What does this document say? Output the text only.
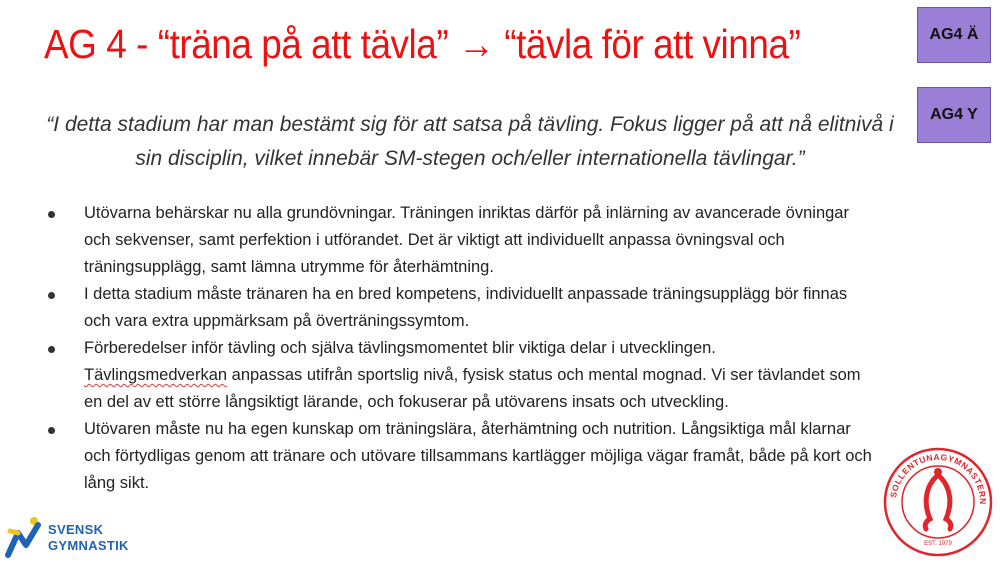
AG 4 - “träna på att tävla” → “tävla för att vinna”	AG4 Ä
AG4 Y
“I detta stadium har man bestämt sig för att satsa på tävling. Fokus ligger på att nå elitnivå i sin disciplin, vilket innebär SM-stegen och/eller internationella tävlingar.”
Utövarna behärskar nu alla grundövningar. Träningen inriktas därför på inlärning av avancerade övningar och sekvenser, samt perfektion i utförandet. Det är viktigt att individuellt anpassa övningsval och träningsupplägg, samt lämna utrymme för återhämtning.
I detta stadium måste tränaren ha en bred kompetens, individuellt anpassade träningsupplägg bör finnas och vara extra uppmärksam på överträningssymtom.
Förberedelser inför tävling och själva tävlingsmomentet blir viktiga delar i utvecklingen.
Tävlingsmedverkan anpassas utifrån sportslig nivå, fysisk status och mental mognad. Vi ser tävlandet som en del av ett större långsiktigt lärande, och fokuserar på utövarens insats och utveckling.
Utövaren måste nu ha egen kunskap om träningslära, återhämtning och nutrition. Långsiktiga mål klarnar och förtydligas genom att tränare och utövare tillsammans kartlägger möjliga vägar framåt, både på kort och lång sikt.
SVENSK
GYMNASTIK
SOLLENTUNAGYMNASTERN
EST. 1979
